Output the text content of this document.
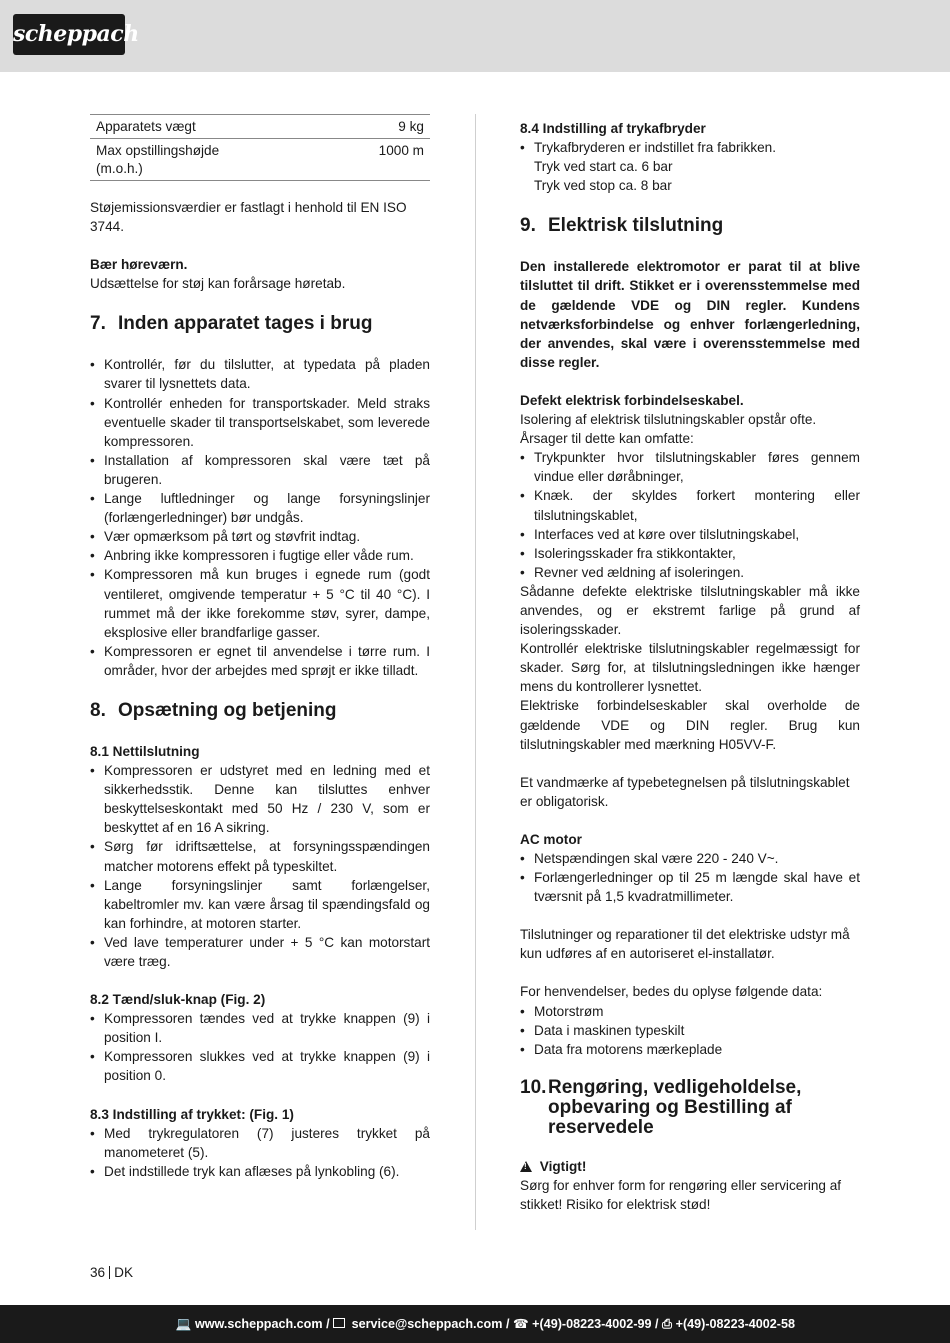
scheppach
Apparatets vægt	9 kg
Max opstillingshøjde (m.o.h.)	1000 m

Støjemissionsværdier er fastlagt i henhold til EN ISO 3744.

Bær høreværn.
Udsættelse for støj kan forårsage høretab.
7. Inden apparatet tages i brug
• Kontrollér, før du tilslutter, at typedata på pladen svarer til lysnettets data.
• Kontrollér enheden for transportskader. Meld straks eventuelle skader til transportselskabet, som leverede kompressoren.
• Installation af kompressoren skal være tæt på brugeren.
• Lange luftledninger og lange forsyningslinjer (forlængerledninger) bør undgås.
• Vær opmærksom på tørt og støvfrit indtag.
• Anbring ikke kompressoren i fugtige eller våde rum.
• Kompressoren må kun bruges i egnede rum (godt ventileret, omgivende temperatur + 5 °C til 40 °C). I rummet må der ikke forekomme støv, syrer, dampe, eksplosive eller brandfarlige gasser.
• Kompressoren er egnet til anvendelse i tørre rum. I områder, hvor der arbejdes med sprøjt er ikke tilladt.
8. Opsætning og betjening
8.1 Nettilslutning
• Kompressoren er udstyret med en ledning med et sikkerhedsstik. Denne kan tilsluttes enhver beskyttelseskontakt med 50 Hz / 230 V, som er beskyttet af en 16 A sikring.
• Sørg før idriftsættelse, at forsyningsspændingen matcher motorens effekt på typeskiltet.
• Lange forsyningslinjer samt forlængelser, kabeltromler mv. kan være årsag til spændingsfald og kan forhindre, at motoren starter.
• Ved lave temperaturer under + 5 °C kan motorstart være træg.
8.2 Tænd/sluk-knap (Fig. 2)
• Kompressoren tændes ved at trykke knappen (9) i position I.
• Kompressoren slukkes ved at trykke knappen (9) i position 0.
8.3 Indstilling af trykket: (Fig. 1)
• Med trykregulatoren (7) justeres trykket på manometeret (5).
• Det indstillede tryk kan aflæses på lynkobling (6).
8.4 Indstilling af trykafbryder
• Trykafbryderen er indstillet fra fabrikken.
Tryk ved start ca. 6 bar
Tryk ved stop ca. 8 bar
9. Elektrisk tilslutning

Den installerede elektromotor er parat til at blive tilsluttet til drift. Stikket er i overensstemmelse med de gældende VDE og DIN regler. Kundens netværksforbindelse og enhver forlængerledning, der anvendes, skal være i overensstemmelse med disse regler.

Defekt elektrisk forbindelseskabel.
Isolering af elektrisk tilslutningskabler opstår ofte.
Årsager til dette kan omfatte:
• Trykpunkter hvor tilslutningskabler føres gennem vindue eller døråbninger,
• Knæk. der skyldes forkert montering eller tilslutningskablet,
• Interfaces ved at køre over tilslutningskabel,
• Isoleringsskader fra stikkontakter,
• Revner ved ældning af isoleringen.
Sådanne defekte elektriske tilslutningskabler må ikke anvendes, og er ekstremt farlige på grund af isoleringsskader.
Kontrollér elektriske tilslutningskabler regelmæssigt for skader. Sørg for, at tilslutningsledningen ikke hænger mens du kontrollerer lysnettet.
Elektriske forbindelseskabler skal overholde de gældende VDE og DIN regler. Brug kun tilslutningskabler med mærkning H05VV-F.

Et vandmærke af typebetegnelsen på tilslutningskablet er obligatorisk.

AC motor
• Netspændingen skal være 220 - 240 V~.
• Forlængerledninger op til 25 m længde skal have et tværsnit på 1,5 kvadratmillimeter.

Tilslutninger og reparationer til det elektriske udstyr må kun udføres af en autoriseret el-installatør.

For henvendelser, bedes du oplyse følgende data:
• Motorstrøm
• Data i maskinen typeskilt
• Data fra motorens mærkeplade
10. Rengøring, vedligeholdelse, opbevaring og Bestilling af reservedele
! Vigtigt!
Sørg for enhver form for rengøring eller servicering af stikket! Risiko for elektrisk stød!
36 DK
💻 www.scheppach.com /  service@scheppach.com / ☎ +(49)-08223-4002-99 / ⎙ +(49)-08223-4002-58
